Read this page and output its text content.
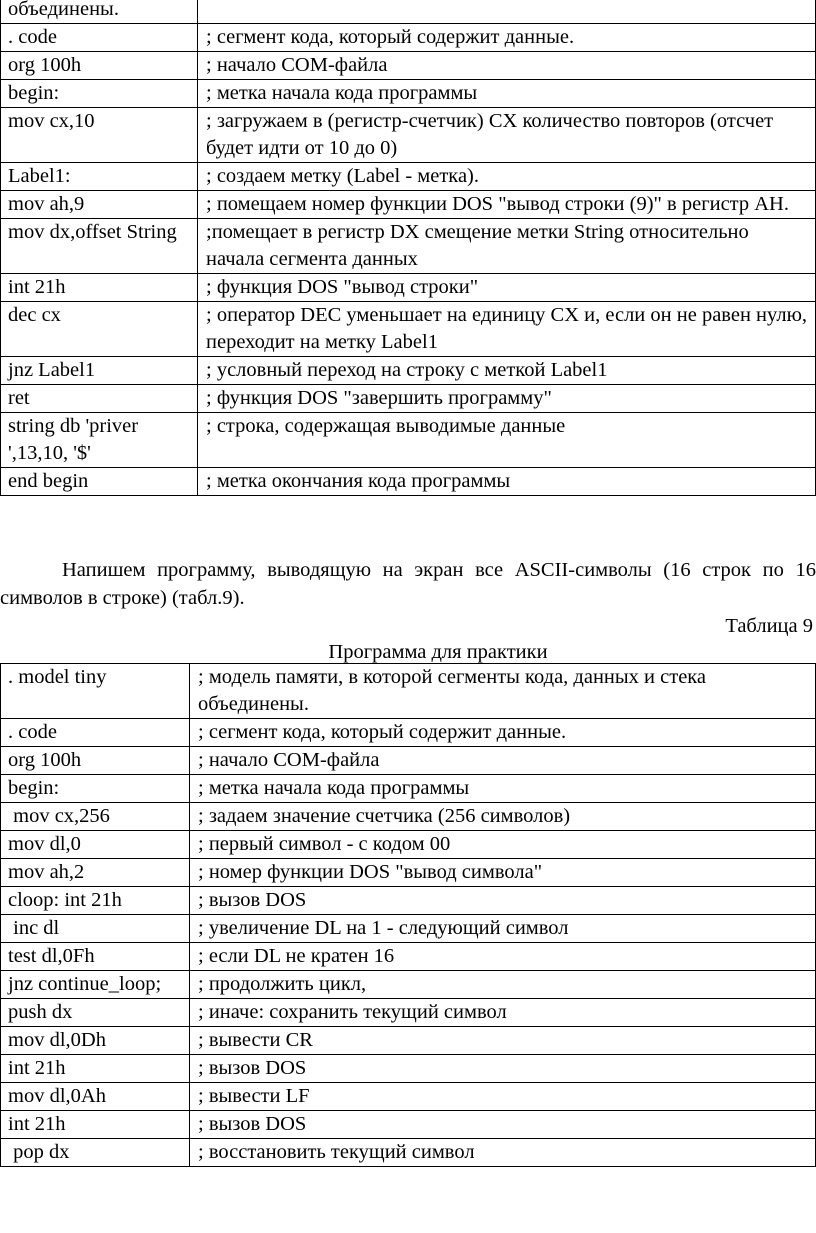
объединены.	
. code	; сегмент кода, который содержит данные.
org 100h	; начало COM-файла
begin:	; метка начала кода программы
mov cx,10	; загружаем в (регистр-счетчик) CX количество повторов (отсчет будет идти от 10 до 0)
Label1:	; создаем метку (Label - метка).
mov ah,9	; помещаем номер функции DOS "вывод строки (9)" в регистр AH.
mov dx,offset String	;помещает в регистр DX смещение метки String относительно начала сегмента данных
int 21h	; функция DOS "вывод строки"
dec cx	; оператор DEC уменьшает на единицу CX и, если он не равен нулю, переходит на метку Label1
jnz Label1	; условный переход на строку с меткой Label1
ret	; функция DOS "завершить программу"
string db 'priver ',13,10, '$'	; строка, содержащая выводимые данные
end begin	; метка окончания кода программы
Напишем программу, выводящую на экран все ASCII-символы (16 строк по 16 символов в строке) (табл.9).
Таблица 9
Программа для практики
. model tiny	; модель памяти, в которой сегменты кода, данных и стека объединены.
. code	; сегмент кода, который содержит данные.
org 100h	; начало COM-файла
begin:	; метка начала кода программы
mov cx,256	; задаем значение счетчика (256 символов)
mov dl,0	; первый символ - с кодом 00
mov ah,2	; номер функции DOS "вывод символа"
cloop: int 21h	; вызов DOS
inc dl	; увеличение DL на 1 - следующий символ
test dl,0Fh	; если DL не кратен 16
jnz continue_loop;	; продолжить цикл,
push dx	; иначе: сохранить текущий символ
mov dl,0Dh	; вывести CR
int 21h	; вызов DOS
mov dl,0Ah	; вывести LF
int 21h	; вызов DOS
pop dx	; восстановить текущий символ
